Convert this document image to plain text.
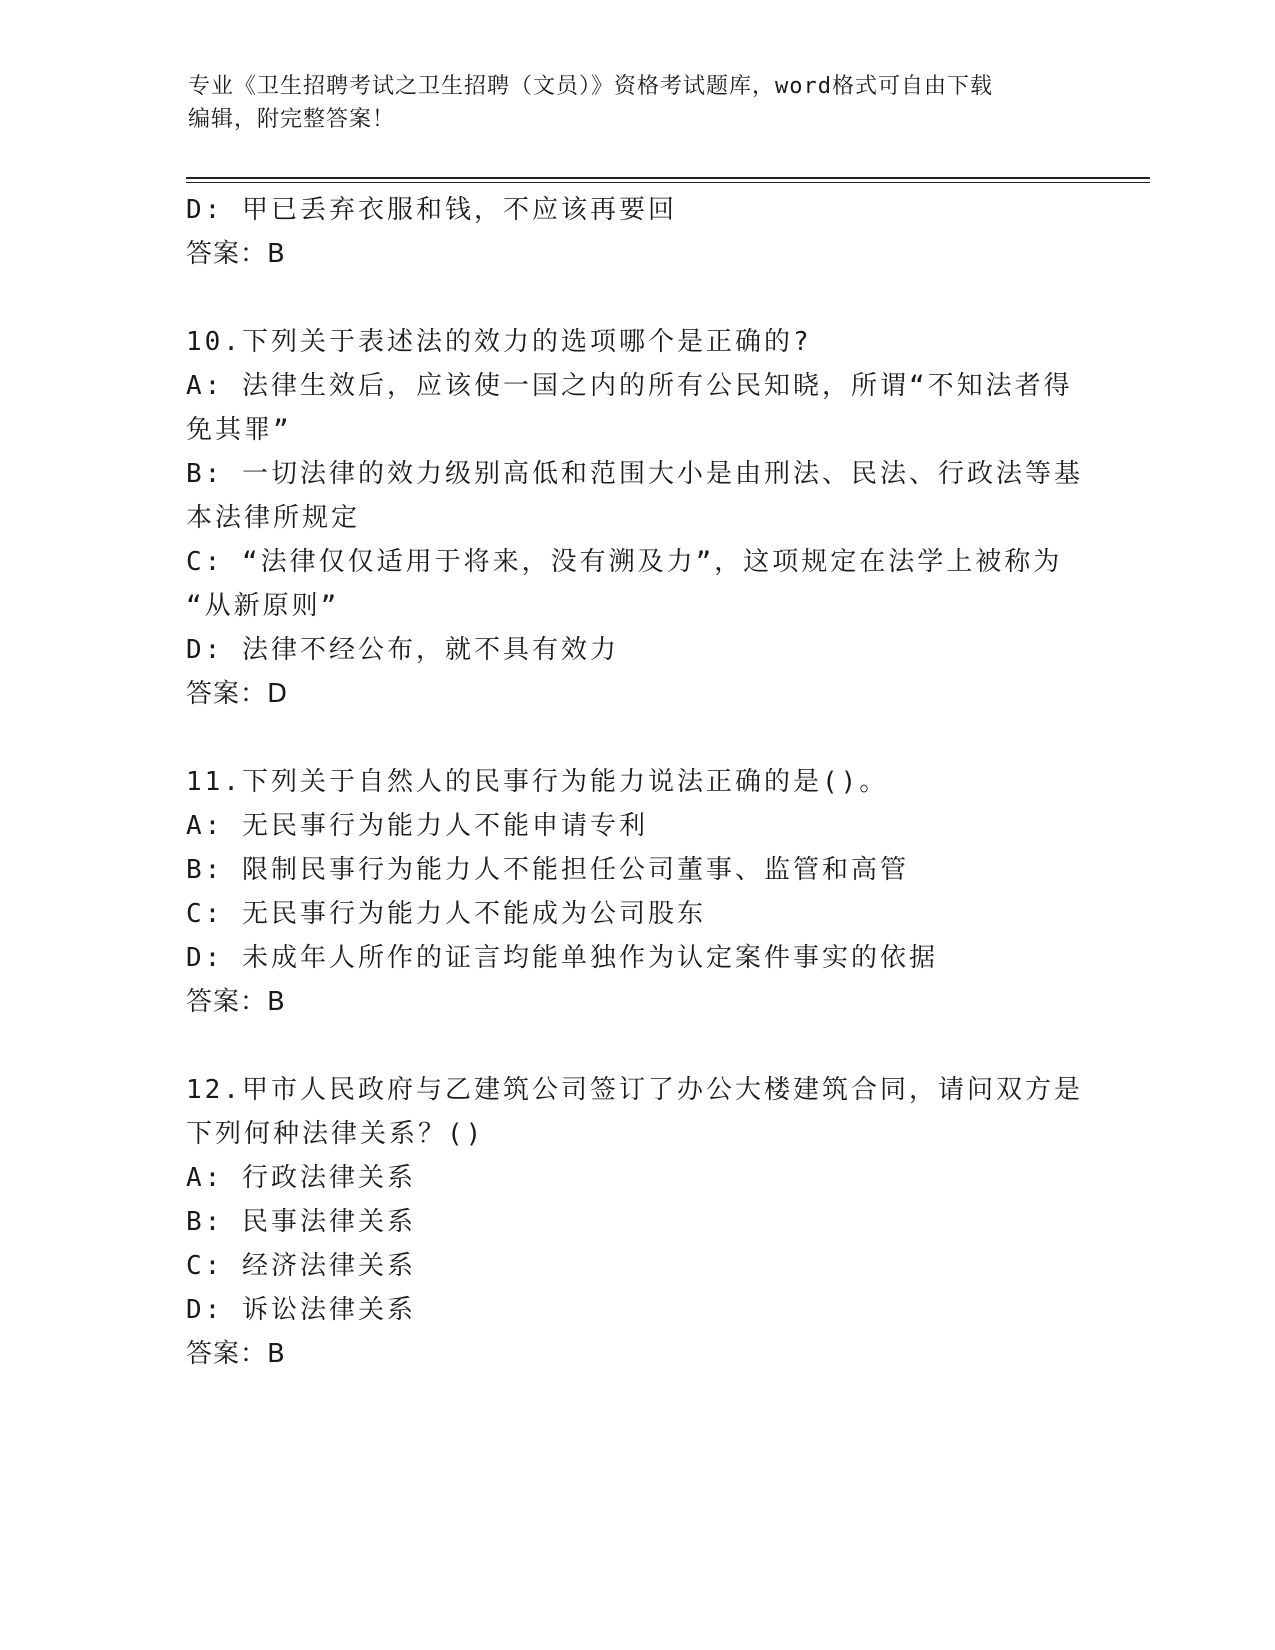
专业《卫生招聘考试之卫生招聘（文员）》资格考试题库，word格式可自由下载
编辑，附完整答案！
D: 甲已丢弃衣服和钱，不应该再要回
答案：B
10.下列关于表述法的效力的选项哪个是正确的?
A: 法律生效后，应该使一国之内的所有公民知晓，所谓“不知法者得
免其罪”
B: 一切法律的效力级别高低和范围大小是由刑法、民法、行政法等基
本法律所规定
C: “法律仅仅适用于将来，没有溯及力”，这项规定在法学上被称为
“从新原则”
D: 法律不经公布，就不具有效力
答案：D
11.下列关于自然人的民事行为能力说法正确的是()。
A: 无民事行为能力人不能申请专利
B: 限制民事行为能力人不能担任公司董事、监管和高管
C: 无民事行为能力人不能成为公司股东
D: 未成年人所作的证言均能单独作为认定案件事实的依据
答案：B
12.甲市人民政府与乙建筑公司签订了办公大楼建筑合同，请问双方是
下列何种法律关系？()
A: 行政法律关系
B: 民事法律关系
C: 经济法律关系
D: 诉讼法律关系
答案：B
